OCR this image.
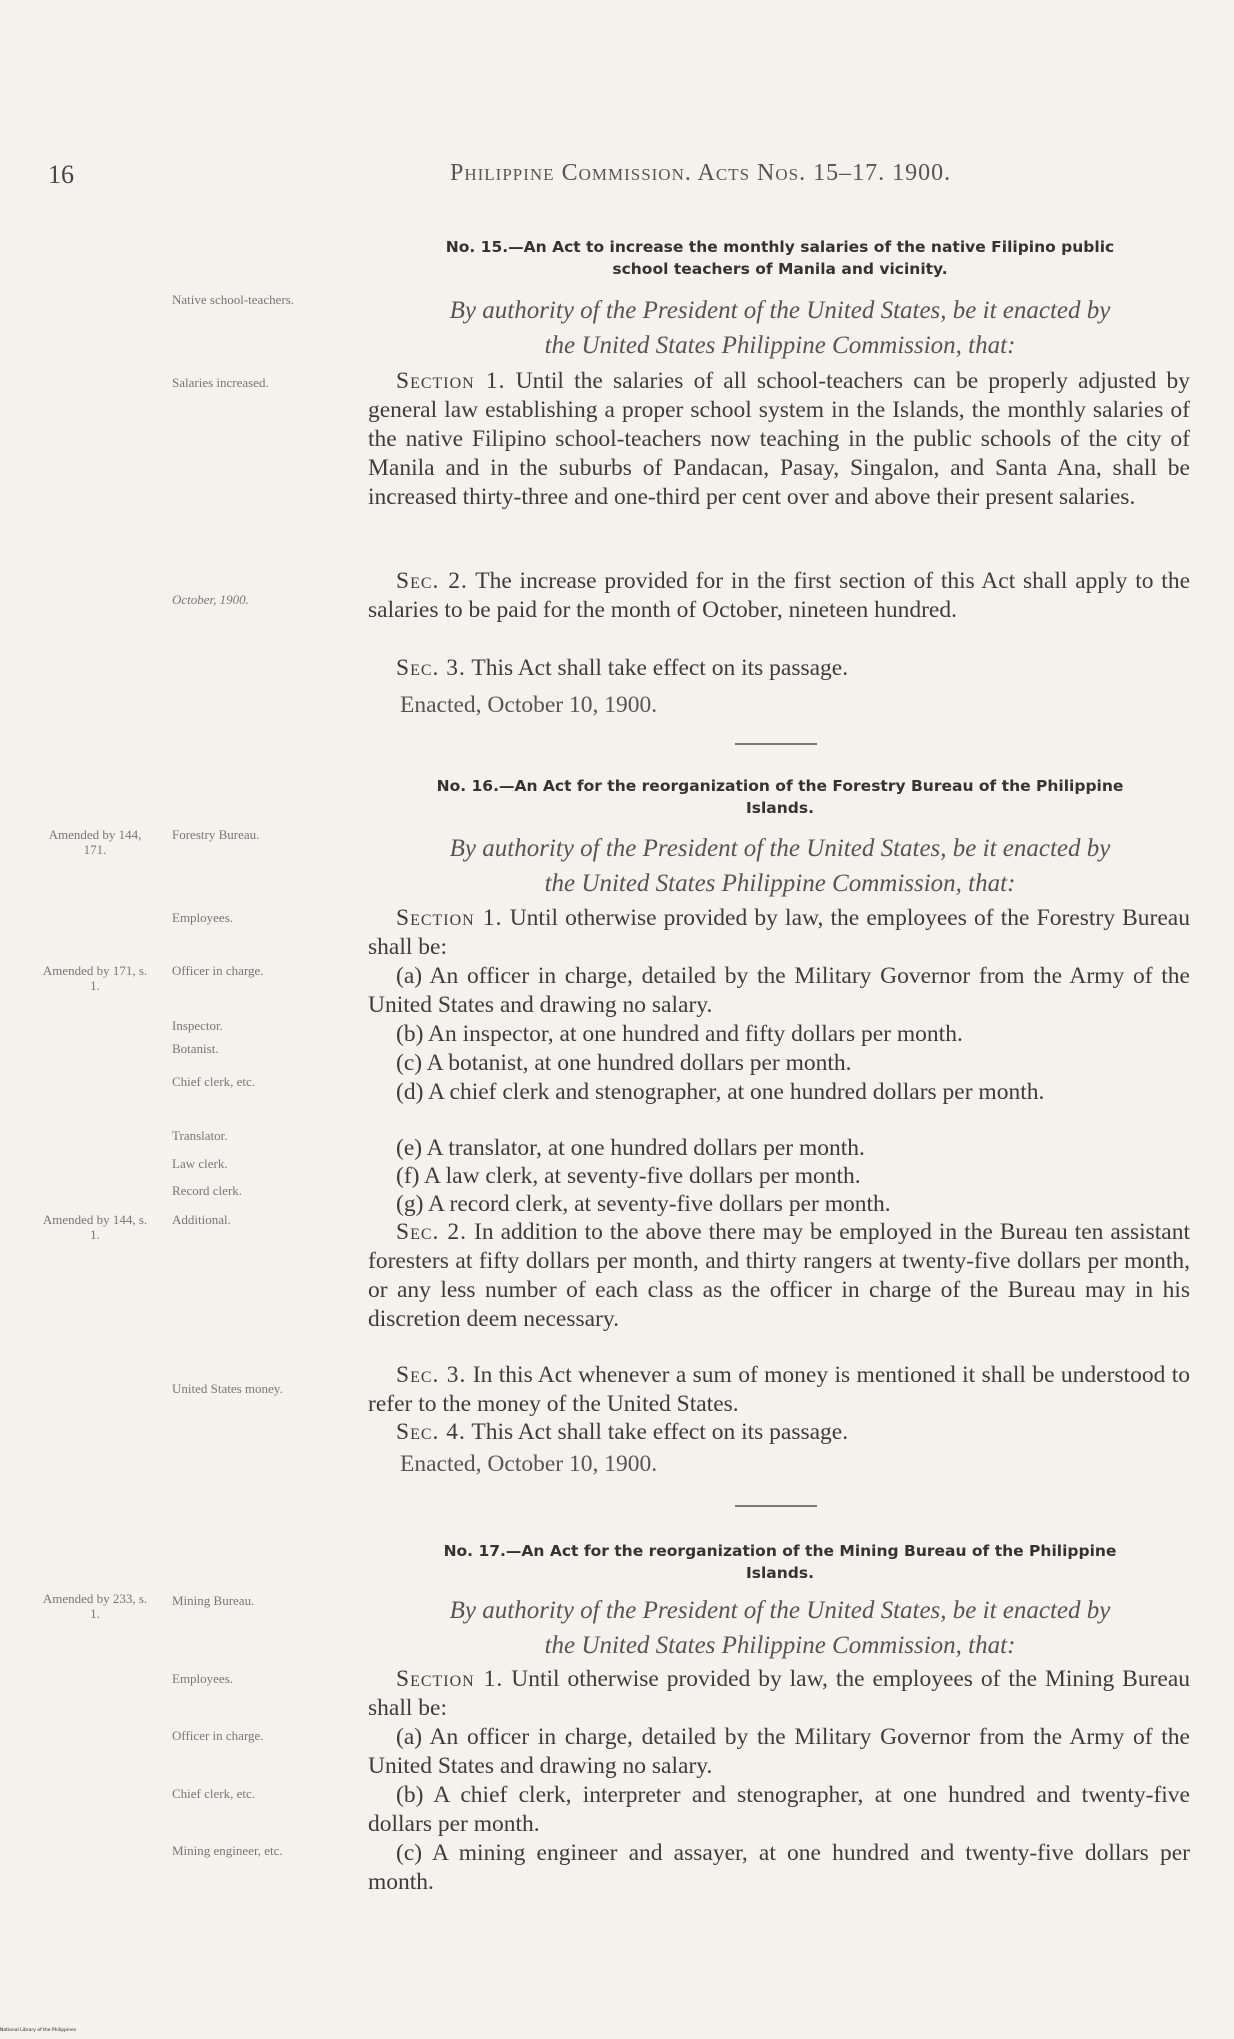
16	Philippine Commission. Acts Nos. 15–17. 1900.
No. 15.—An Act to increase the monthly salaries of the native Filipino public
school teachers of Manila and vicinity.
Native school-teachers.	By authority of the President of the United States, be it enacted by
the United States Philippine Commission, that:
Salaries increased.	Section 1. Until the salaries of all school-teachers can be properly adjusted by general law establishing a proper school system in the Islands, the monthly salaries of the native Filipino school-teachers now teaching in the public schools of the city of Manila and in the suburbs of Pandacan, Pasay, Singalon, and Santa Ana, shall be increased thirty-three and one-third per cent over and above their present salaries.
October, 1900.
Sec. 2. The increase provided for in the first section of this Act shall apply to the salaries to be paid for the month of October, nineteen hundred.
Sec. 3. This Act shall take effect on its passage.
Enacted, October 10, 1900.
No. 16.—An Act for the reorganization of the Forestry Bureau of the Philippine
Islands.
Amended by 144, 171.
Forestry Bureau.
By authority of the President of the United States, be it enacted by
the United States Philippine Commission, that:
Employees.	Section 1. Until otherwise provided by law, the employees of the Forestry Bureau shall be:
Amended by 171, s. 1.
Officer in charge.	(a) An officer in charge, detailed by the Military Governor from the Army of the United States and drawing no salary.
Inspector.	(b) An inspector, at one hundred and fifty dollars per month.
Botanist.
(c) A botanist, at one hundred dollars per month.
Chief clerk, etc.	(d) A chief clerk and stenographer, at one hundred dollars per month.
Translator.	(e) A translator, at one hundred dollars per month.
Law clerk.	(f) A law clerk, at seventy-five dollars per month.
Record clerk.
(g) A record clerk, at seventy-five dollars per month.
Amended by 144, s. 1.
Additional.	Sec. 2. In addition to the above there may be employed in the Bureau ten assistant foresters at fifty dollars per month, and thirty rangers at twenty-five dollars per month, or any less number of each class as the officer in charge of the Bureau may in his discretion deem necessary.
United States money.
Sec. 3. In this Act whenever a sum of money is mentioned it shall be understood to refer to the money of the United States.
Sec. 4. This Act shall take effect on its passage.
Enacted, October 10, 1900.
No. 17.—An Act for the reorganization of the Mining Bureau of the Philippine
Islands.
Amended by 233, s. 1.
Mining Bureau.	By authority of the President of the United States, be it enacted by
the United States Philippine Commission, that:
Employees.	Section 1. Until otherwise provided by law, the employees of the Mining Bureau shall be:
Officer in charge.	(a) An officer in charge, detailed by the Military Governor from the Army of the United States and drawing no salary.
Chief clerk, etc.	(b) A chief clerk, interpreter and stenographer, at one hundred and twenty-five dollars per month.
Mining engineer, etc.	(c) A mining engineer and assayer, at one hundred and twenty-five dollars per month.
National Library of the Philippines
